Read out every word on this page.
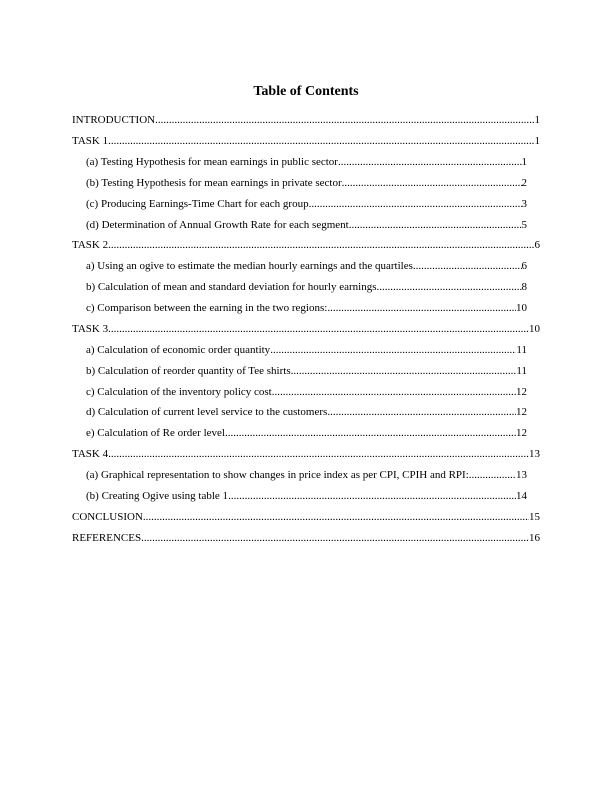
Table of Contents
INTRODUCTION .....	1
TASK 1 .....	1
(a) Testing Hypothesis for mean earnings in public sector .....	1
(b) Testing Hypothesis for mean earnings in private sector .....	2
(c) Producing Earnings-Time Chart for each group .....	3
(d) Determination of Annual Growth Rate for each segment .....	5
TASK 2 .....	6
a) Using an ogive to estimate the median hourly earnings and the quartiles .....	6
b) Calculation of mean and standard deviation for hourly earnings .....	8
c) Comparison between the earning in the two regions: .....	10
TASK 3 .....	10
a) Calculation of economic order quantity .....	11
b) Calculation of reorder quantity of Tee shirts .....	11
c) Calculation of the inventory policy cost .....	12
d) Calculation of current level service to the customers .....	12
e) Calculation of Re order level .....	12
TASK 4 .....	13
(a) Graphical representation to show changes in price index as per CPI, CPIH and RPI: .....	13
(b) Creating Ogive using table 1 .....	14
CONCLUSION .....	15
REFERENCES .....	16
